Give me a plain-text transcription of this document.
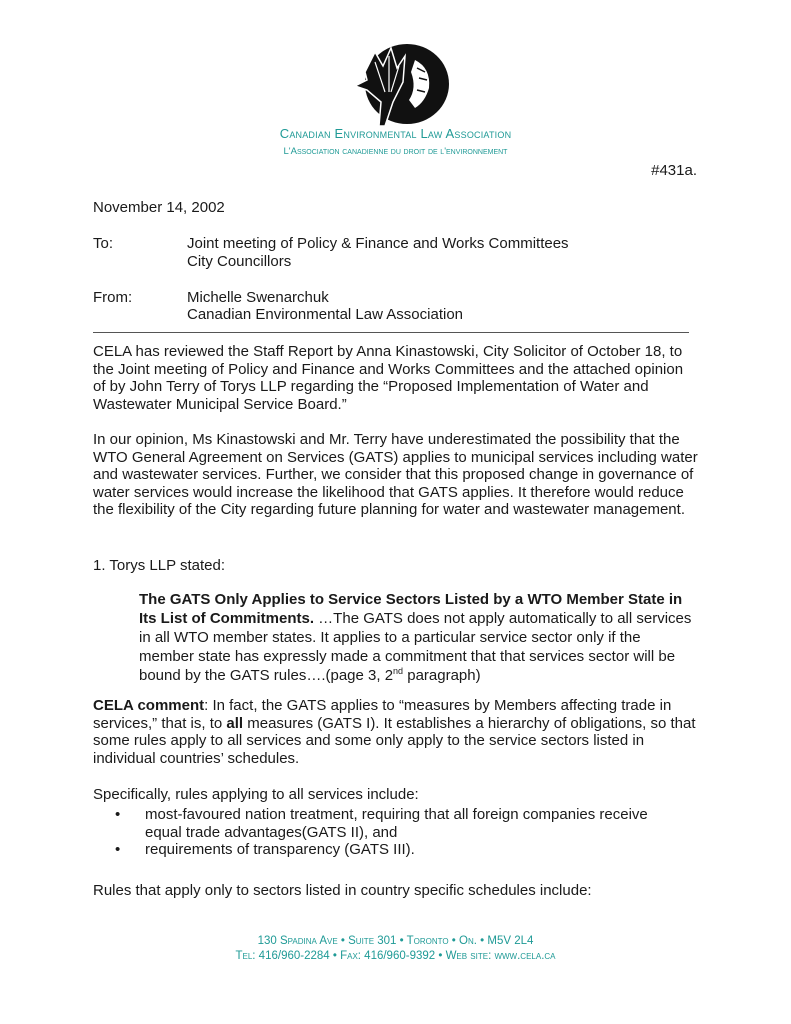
Canadian Environmental Law Association
L'Association canadienne du droit de l'environnement
#431a.
November 14, 2002
To:	Joint meeting of Policy & Finance and Works Committees
City Councillors
From:	Michelle Swenarchuk
Canadian Environmental Law Association
CELA has reviewed the Staff Report by Anna Kinastowski, City Solicitor of October 18, to the Joint meeting of Policy and Finance and Works Committees and the attached opinion of by John Terry of Torys LLP regarding the “Proposed Implementation of Water and Wastewater Municipal Service Board.”
In our opinion, Ms Kinastowski and Mr. Terry have underestimated the possibility that the WTO General Agreement on Services (GATS) applies to municipal services including water and wastewater services. Further, we consider that this proposed change in governance of water services would increase the likelihood that GATS applies. It therefore would reduce the flexibility of the City regarding future planning for water and wastewater management.
1. Torys LLP stated:
The GATS Only Applies to Service Sectors Listed by a WTO Member State in Its List of Commitments. …The GATS does not apply automatically to all services in all WTO member states. It applies to a particular service sector only if the member state has expressly made a commitment that that services sector will be bound by the GATS rules….(page 3, 2nd paragraph)
CELA comment: In fact, the GATS applies to “measures by Members affecting trade in services,” that is, to all measures (GATS I). It establishes a hierarchy of obligations, so that some rules apply to all services and some only apply to the service sectors listed in individual countries’ schedules.
Specifically, rules applying to all services include:
•	most-favoured nation treatment, requiring that all foreign companies receive equal trade advantages(GATS II), and
•	requirements of transparency (GATS III).
Rules that apply only to sectors listed in country specific schedules include:
130 Spadina Ave • Suite 301 • Toronto • On. • M5V 2L4
Tel: 416/960-2284 • Fax: 416/960-9392 • Web site: www.cela.ca
